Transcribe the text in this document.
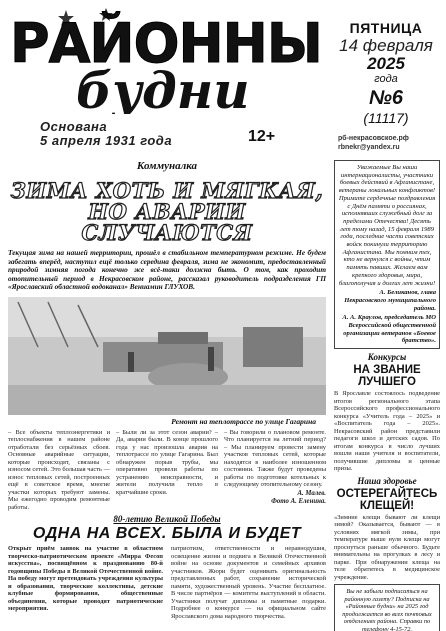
РАЙОННЫЕ
будни
Основана
5 апреля 1931 года	12+
ПЯТНИЦА
14 февраля
2025
года
№6
(11117)
рб-некрасовское.рф
rbnekr@yandex.ru
Коммуналка
ЗИМА ХОТЬ И МЯГКАЯ, НО АВАРИИ СЛУЧАЮТСЯ
Текущая зима на нашей территории, прошёл в стабильном температурном режиме. Не будем забегать вперёд, наступил ещё только середина февраля, зима не экономит, предоставленный природой зимняя погода конечно же всё-таки должна быть. О том, как проходит отопительный период в Некрасовском районе, рассказал руководитель подразделения ГП «Ярославский областной водоканал» Вениамин ГЛУХОВ.
Ремонт на теплотрассе по улице Гагарина
– Все объекты теплоэнергетики и теплоснабжения в нашем районе отработали без серьёзных сбоев. Основные аварийные ситуации, которые происходят, связаны с износом сетей. Это большая часть — износ тепловых сетей, построенных ещё в советское время, многие участки которых требуют замены. Мы ежегодно проводим ремонтные работы.
– Были ли за этот сезон аварии? – Да, аварии были. В конце прошлого года у нас произошла авария на теплотрассе по улице Гагарина. Был обнаружен порыв трубы, мы оперативно провели работы по устранению неисправности, и жители получили тепло в кратчайшие сроки.
– Вы говорили о плановом ремонте. Что планируется на летний период? – Мы планируем провести замену участков тепловых сетей, которые находятся в наиболее изношенном состоянии. Также будут проведены работы по подготовке котельных к следующему отопительному сезону.
А. Малев.
Фото А. Еленина.
80-летию Великой Победы
ОДНА НА ВСЕХ. БЫЛА И БУДЕТ
Открыт приём заявок на участие в областном творческо-патриотическом проекте «Мирра Фесоп искусства», посвящённом к празднованию 80-й годовщины Победы в Великой Отечественной войне. На победу могут претендовать учреждения культуры и образования, творческие коллективы, детские клубные формирования, общественные объединения, которые проводят патриотические мероприятия.
патриотизм, ответственности и неравнодушия, освещение жизни и подвига в Великой Отечественной войне на основе документов и семейных архивов участников. Жюри будет оценивать оригинальность представленных работ, сохранение исторической памяти, художественный уровень. Участие бесплатное. В числе партнёров — комитеты выступлений в области. Участники получат дипломы и памятные подарки. Подробнее о конкурсе — на официальном сайте Ярославского дома народного творчества.
Уважаемые Вы наши интернационалисты, участники боевых действий в Афганистане, ветераны локальных конфликтов! Примите сердечные поздравления с Днём памяти о россиянах, исполнявших служебный долг за пределами Отечества! Десять лет тому назад, 15 февраля 1989 года, последние части советских войск покинули территорию Афганистана. Мы помним тех, кто не вернулся с войны, чтим память павших. Желаем вам крепкого здоровья, мира, благополучия и долгих лет жизни!
А. Беликанов, глава Некрасовского муниципального района.
А. А. Краулов, председатель МО Всероссийской общественной организации ветеранов «Боевое братство».
Конкурсы
НА ЗВАНИЕ ЛУЧШЕГО
В Ярославле состоялось подведение итогов регионального этапа Всероссийского профессионального конкурса «Учитель года – 2025» и «Воспитатель года – 2025». Некрасовский район представили педагоги школ и детских садов. По итогам конкурса в число лучших вошли наши учителя и воспитатели, получившие дипломы и ценные призы.
Наша здоровье
ОСТЕРЕГАЙТЕСЬ КЛЕЩЕЙ!
«Зимние клещи бывают ли клещи зимой? Оказывается, бывают — в условиях мягкой зимы, при температуре выше нуля клещи могут проснуться раньше обычного. Будьте внимательны на прогулках в лесу и парке. При обнаружении клеща на теле обратитесь в медицинское учреждение.
Вы не забыли подписаться на районную газету? Подписка на «Районные будни» на 2025 год продолжается во всех почтовых отделениях района. Справки по телефону 4-15-72.
